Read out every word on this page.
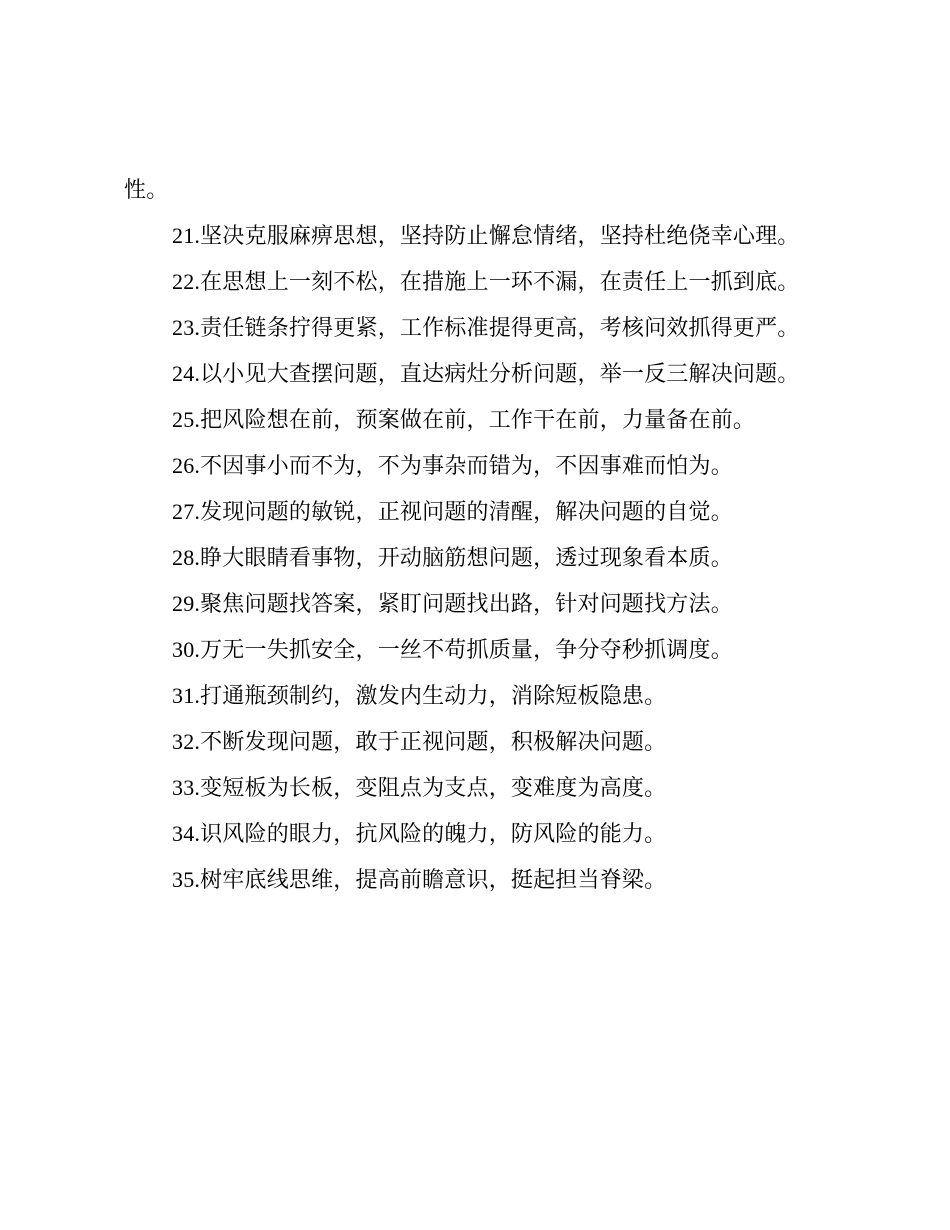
性。

21.坚决克服麻痹思想，坚持防止懈怠情绪，坚持杜绝侥幸心理。

22.在思想上一刻不松，在措施上一环不漏，在责任上一抓到底。

23.责任链条拧得更紧，工作标准提得更高，考核问效抓得更严。

24.以小见大查摆问题，直达病灶分析问题，举一反三解决问题。

25.把风险想在前，预案做在前，工作干在前，力量备在前。

26.不因事小而不为，不为事杂而错为，不因事难而怕为。

27.发现问题的敏锐，正视问题的清醒，解决问题的自觉。

28.睁大眼睛看事物，开动脑筋想问题，透过现象看本质。

29.聚焦问题找答案，紧盯问题找出路，针对问题找方法。

30.万无一失抓安全，一丝不苟抓质量，争分夺秒抓调度。

31.打通瓶颈制约，激发内生动力，消除短板隐患。

32.不断发现问题，敢于正视问题，积极解决问题。

33.变短板为长板，变阻点为支点，变难度为高度。

34.识风险的眼力，抗风险的魄力，防风险的能力。

35.树牢底线思维，提高前瞻意识，挺起担当脊梁。
